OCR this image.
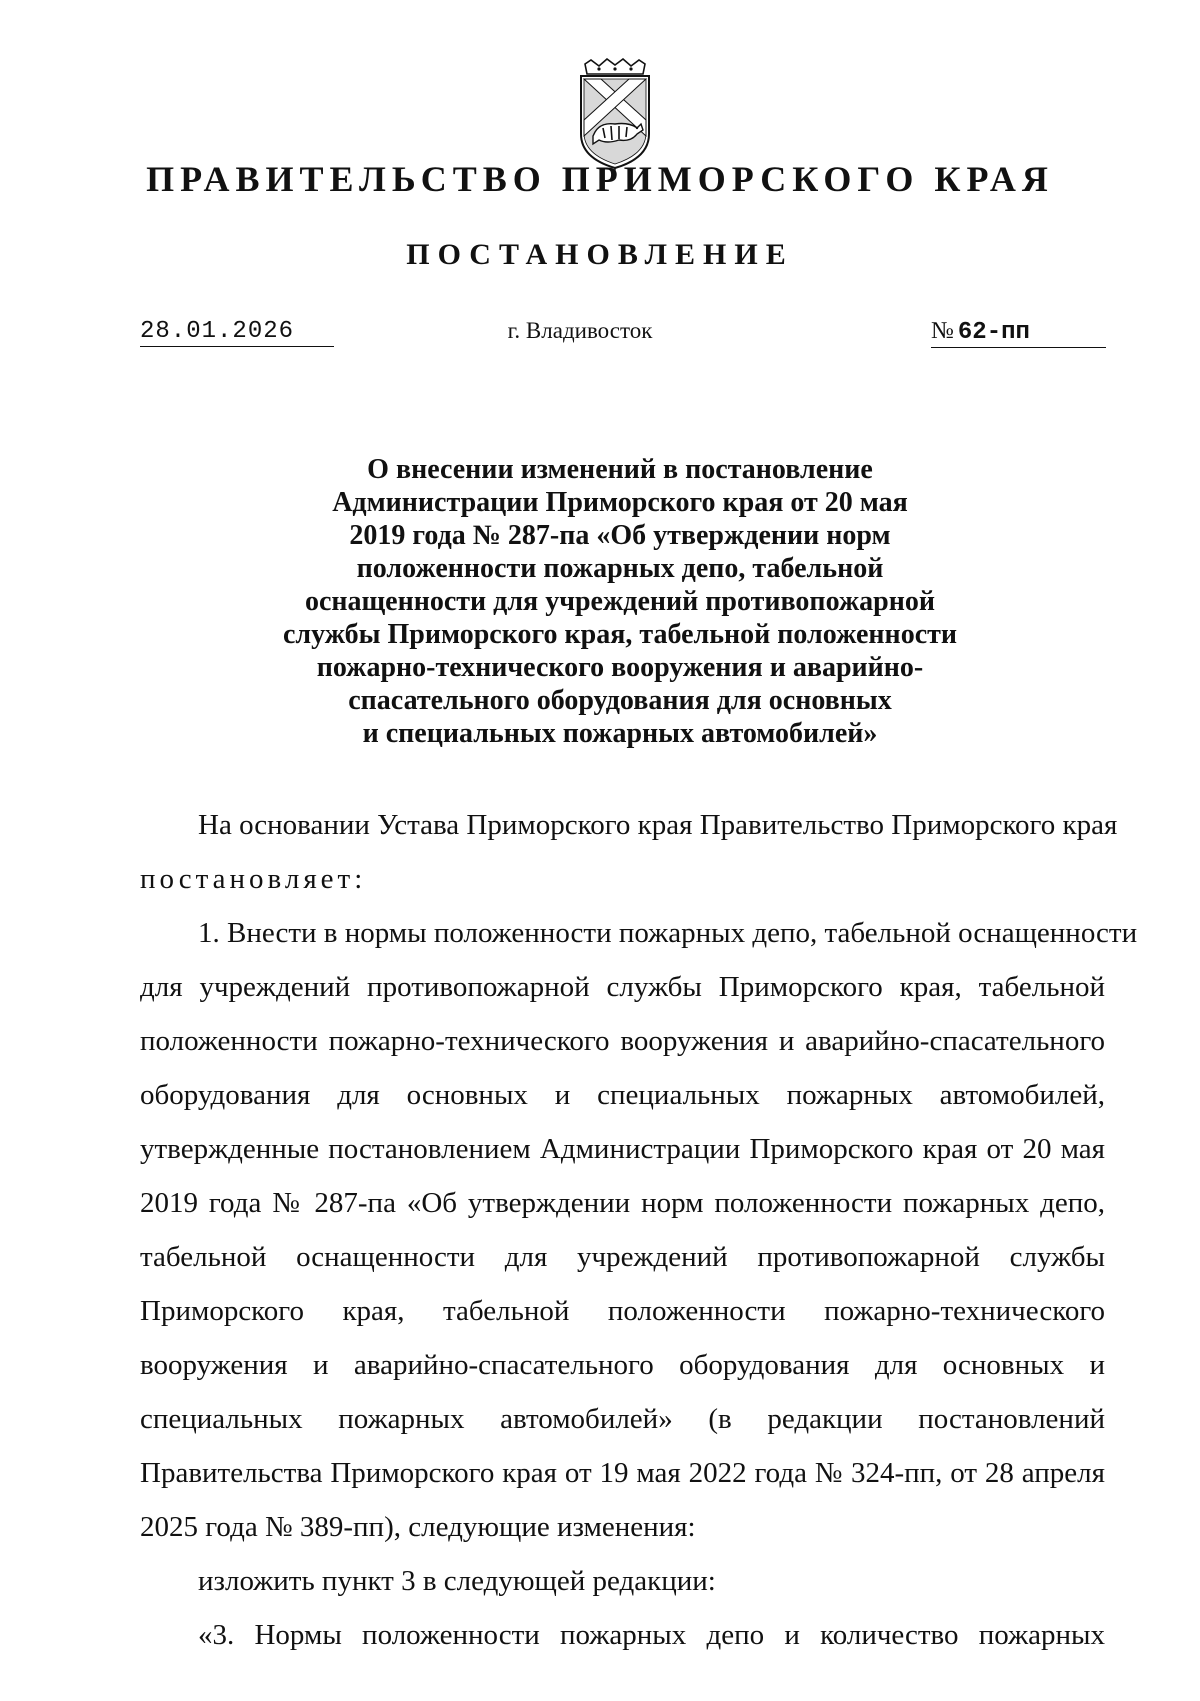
ПРАВИТЕЛЬСТВО ПРИМОРСКОГО КРАЯ
ПОСТАНОВЛЕНИЕ
28.01.2026	г. Владивосток	№ 62-пп
О внесении изменений в постановление
Администрации Приморского края от 20 мая
2019 года № 287-па «Об утверждении норм
положенности пожарных депо, табельной
оснащенности для учреждений противопожарной
службы Приморского края, табельной положенности
пожарно-технического вооружения и аварийно-
спасательного оборудования для основных
и специальных пожарных автомобилей»

На основании Устава Приморского края Правительство Приморского края

постановляет:

1. Внести в нормы положенности пожарных депо, табельной оснащенности

для учреждений противопожарной службы Приморского края, табельной

положенности пожарно-технического вооружения и аварийно-спасательного

оборудования для основных и специальных пожарных автомобилей,

утвержденные постановлением Администрации Приморского края от 20 мая

2019 года № 287-па «Об утверждении норм положенности пожарных депо,

табельной оснащенности для учреждений противопожарной службы

Приморского края, табельной положенности пожарно-технического

вооружения и аварийно-спасательного оборудования для основных и

специальных пожарных автомобилей» (в редакции постановлений

Правительства Приморского края от 19 мая 2022 года № 324-пп, от 28 апреля

2025 года № 389-пп), следующие изменения:

изложить пункт 3 в следующей редакции:

«3. Нормы положенности пожарных депо и количество пожарных
